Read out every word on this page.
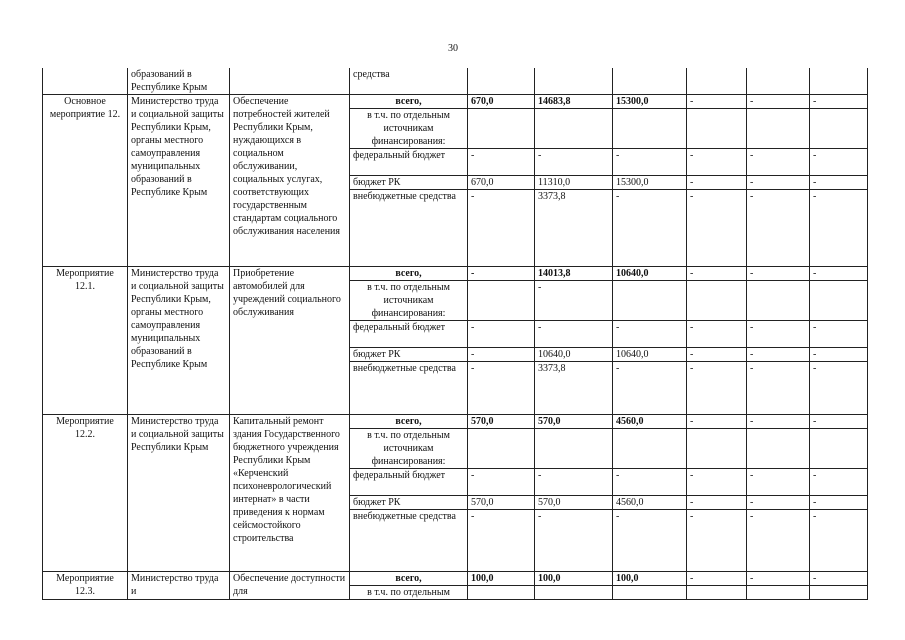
30
	образований в Республике Крым		средства						
Основное мероприятие 12.	Министерство труда и социальной защиты Республики Крым, органы местного самоуправления муниципальных образований в Республике Крым	Обеспечение потребностей жителей Республики Крым, нуждающихся в социальном обслуживании, социальных услугах, соответствующих государственным стандартам социального обслуживания населения	всего,	670,0	14683,8	15300,0	-	-	-
			в т.ч. по отдельным источникам финансирования:						
			федеральный бюджет	-	-	-	-	-	-
			бюджет РК	670,0	11310,0	15300,0	-	-	-
			внебюджетные средства	-	3373,8	-	-	-	-
Мероприятие 12.1.	Министерство труда и социальной защиты Республики Крым, органы местного самоуправления муниципальных образований в Республике Крым	Приобретение автомобилей для учреждений социального обслуживания	всего,	-	14013,8	10640,0	-	-	-
			в т.ч. по отдельным источникам финансирования:		-				
			федеральный бюджет	-	-	-	-	-	-
			бюджет РК	-	10640,0	10640,0	-	-	-
			внебюджетные средства	-	3373,8	-	-	-	-
Мероприятие 12.2.	Министерство труда и социальной защиты Республики Крым	Капитальный ремонт здания Государственного бюджетного учреждения Республики Крым «Керченский психоневрологический интернат» в части приведения к нормам сейсмостойкого строительства	всего,	570,0	570,0	4560,0	-	-	-
			в т.ч. по отдельным источникам финансирования:						
			федеральный бюджет	-	-	-	-	-	-
			бюджет РК	570,0	570,0	4560,0	-	-	-
			внебюджетные средства	-	-	-	-	-	-
Мероприятие 12.3.	Министерство труда и	Обеспечение доступности для	всего,	100,0	100,0	100,0	-	-	-
			в т.ч. по отдельным						
